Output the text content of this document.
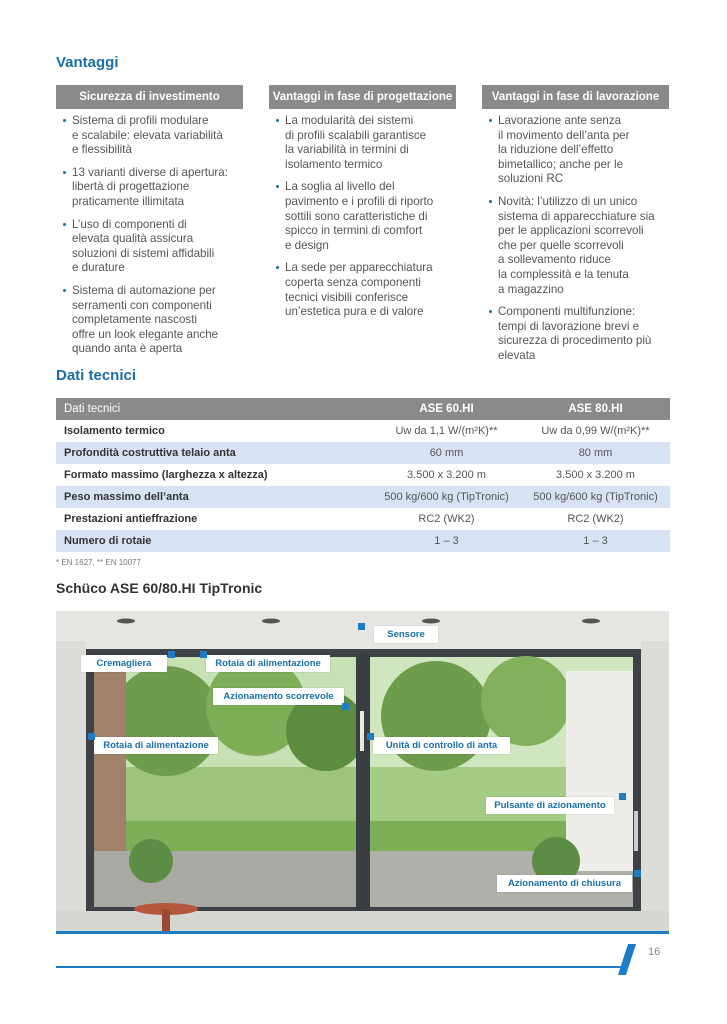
Vantaggi
Sicurezza di investimento	Vantaggi in fase di progettazione	Vantaggi in fase di lavorazione
Sistema di profili modulare
e scalabile: elevata variabilità
e flessibilità
13 varianti diverse di apertura:
libertà di progettazione
praticamente illimitata
L’uso di componenti di
elevata qualità assicura
soluzioni di sistemi affidabili
e durature
Sistema di automazione per
serramenti con componenti
completamente nascosti
offre un look elegante anche
quando anta è aperta
La modularità dei sistemi
di profili scalabili garantisce
la variabilità in termini di
isolamento termico
La soglia al livello del
pavimento e i profili di riporto
sottili sono caratteristiche di
spicco in termini di comfort
e design
La sede per apparecchiatura
coperta senza componenti
tecnici visibili conferisce
un’estetica pura e di valore
Lavorazione ante senza
il movimento dell’anta per
la riduzione dell’effetto
bimetallico; anche per le
soluzioni RC
Novità: l’utilizzo di un unico
sistema di apparecchiature sia
per le applicazioni scorrevoli
che per quelle scorrevoli
a sollevamento riduce
la complessità e la tenuta
a magazzino
Componenti multifunzione:
tempi di lavorazione brevi e
sicurezza di procedimento più
elevata
Dati tecnici
Dati tecnici	ASE 60.HI	ASE 80.HI
Isolamento termico	Uw da 1,1 W/(m²K)**	Uw da 0,99 W/(m²K)**
Profondità costruttiva telaio anta	60 mm	80 mm
Formato massimo (larghezza x altezza)	3.500 x 3.200 m	3.500 x 3.200 m
Peso massimo dell’anta	500 kg/600 kg (TipTronic)	500 kg/600 kg (TipTronic)
Prestazioni antieffrazione	RC2 (WK2)	RC2 (WK2)
Numero di rotaie	1 – 3	1 – 3
* EN 1627, ** EN 10077
Schüco ASE 60/80.HI TipTronic
Sensore
Cremagliera	Rotaia di alimentazione
Azionamento scorrevole
Rotaia di alimentazione	Unità di controllo di anta
Pulsante di azionamento
Azionamento di chiusura
16
